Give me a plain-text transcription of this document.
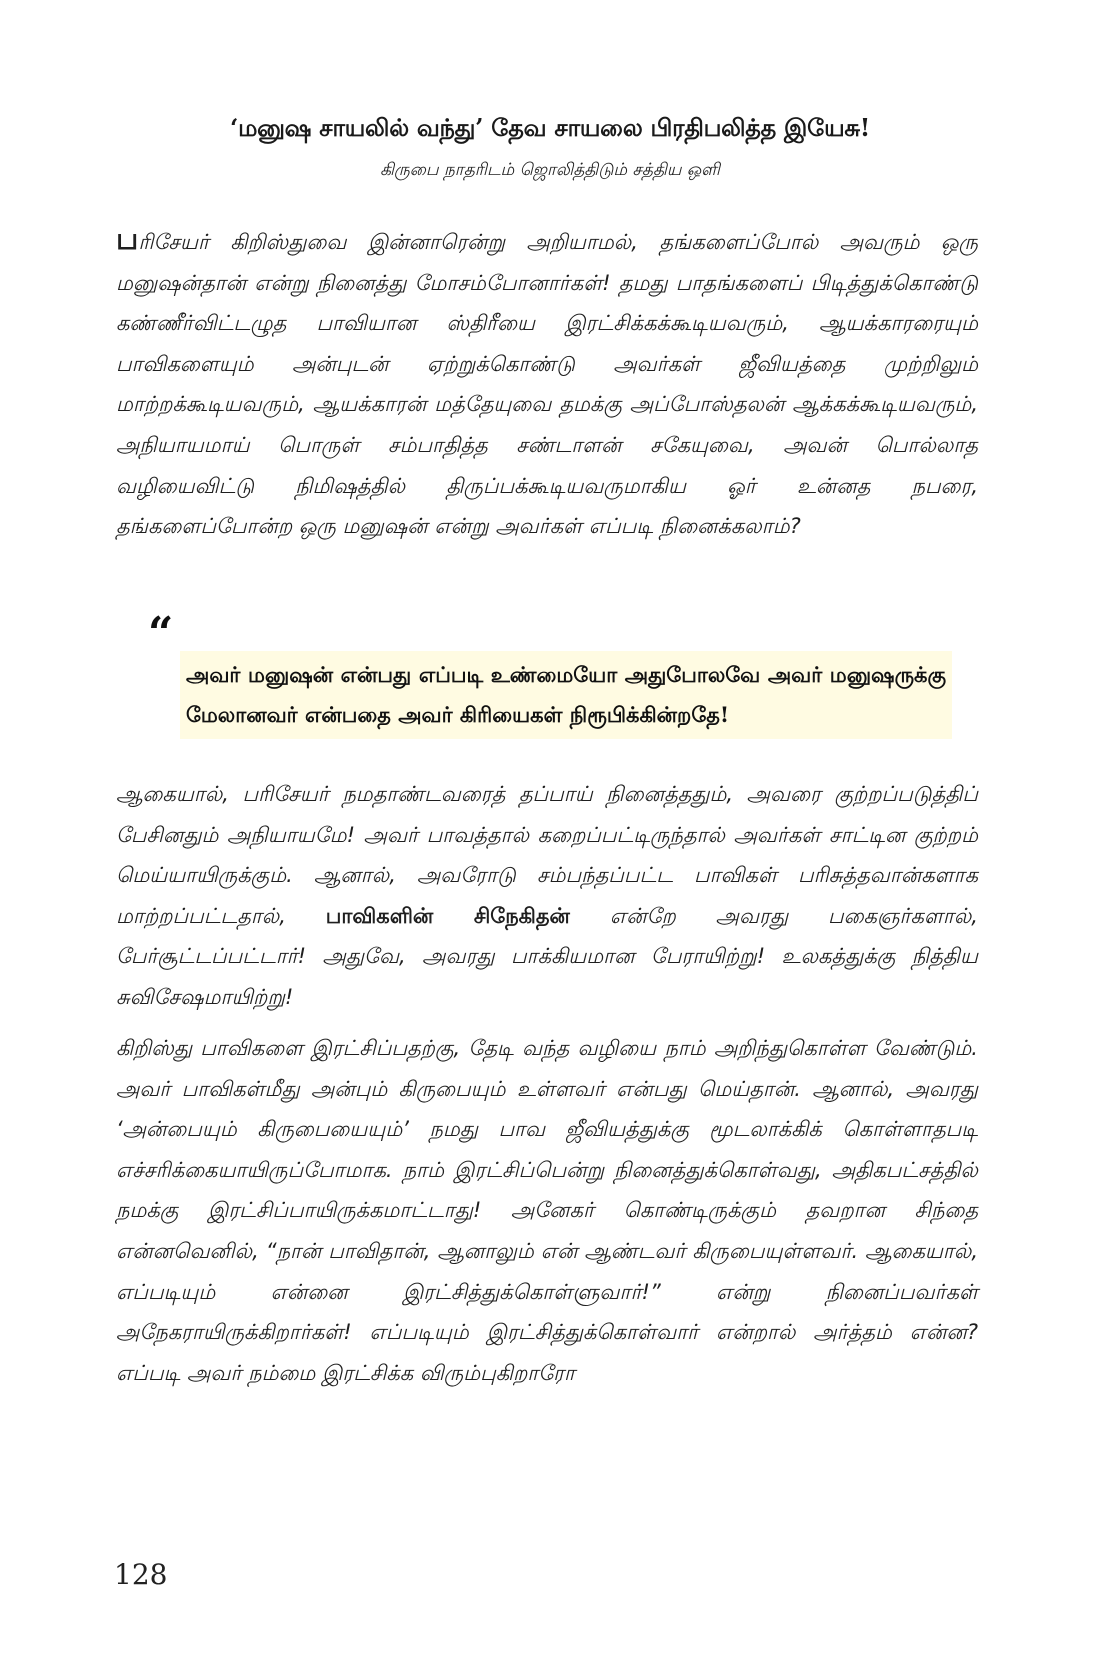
‘மனுஷ சாயலில் வந்து’ தேவ சாயலை பிரதிபலித்த இயேசு!
கிருபை நாதரிடம் ஜொலித்திடும் சத்திய ஒளி

பரிசேயர் கிறிஸ்துவை இன்னாரென்று அறியாமல், தங்களைப்போல் அவரும் ஒரு மனுஷன்தான் என்று நினைத்து மோசம்போனார்கள்! தமது பாதங்களைப் பிடித்துக்கொண்டு கண்ணீர்விட்டழுத பாவியான ஸ்திரீயை இரட்சிக்கக்கூடியவரும், ஆயக்காரரையும் பாவிகளையும் அன்புடன் ஏற்றுக்கொண்டு அவர்கள் ஜீவியத்தை முற்றிலும் மாற்றக்கூடியவரும், ஆயக்காரன் மத்தேயுவை தமக்கு அப்போஸ்தலன் ஆக்கக்கூடியவரும், அநியாயமாய் பொருள் சம்பாதித்த சண்டாளன் சகேயுவை, அவன் பொல்லாத வழியைவிட்டு நிமிஷத்தில் திருப்பக்கூடியவருமாகிய ஓர் உன்னத நபரை, தங்களைப்போன்ற ஒரு மனுஷன் என்று அவர்கள் எப்படி நினைக்கலாம்?

“
அவர் மனுஷன் என்பது எப்படி உண்மையோ அதுபோலவே அவர் மனுஷருக்கு மேலானவர் என்பதை அவர் கிரியைகள் நிரூபிக்கின்றதே!

ஆகையால், பரிசேயர் நமதாண்டவரைத் தப்பாய் நினைத்ததும், அவரை குற்றப்படுத்திப் பேசினதும் அநியாயமே! அவர் பாவத்தால் கறைப்பட்டிருந்தால் அவர்கள் சாட்டின குற்றம் மெய்யாயிருக்கும். ஆனால், அவரோடு சம்பந்தப்பட்ட பாவிகள் பரிசுத்தவான்களாக மாற்றப்பட்டதால், பாவிகளின் சிநேகிதன் என்றே அவரது பகைஞர்களால், பேர்சூட்டப்பட்டார்! அதுவே, அவரது பாக்கியமான பேராயிற்று! உலகத்துக்கு நித்திய சுவிசேஷமாயிற்று!

கிறிஸ்து பாவிகளை இரட்சிப்பதற்கு, தேடி வந்த வழியை நாம் அறிந்துகொள்ள வேண்டும். அவர் பாவிகள்மீது அன்பும் கிருபையும் உள்ளவர் என்பது மெய்தான். ஆனால், அவரது ‘அன்பையும் கிருபையையும்’ நமது பாவ ஜீவியத்துக்கு மூடலாக்கிக் கொள்ளாதபடி எச்சரிக்கையாயிருப்போமாக. நாம் இரட்சிப்பென்று நினைத்துக்கொள்வது, அதிகபட்சத்தில் நமக்கு இரட்சிப்பாயிருக்கமாட்டாது! அனேகர் கொண்டிருக்கும் தவறான சிந்தை என்னவெனில், “நான் பாவிதான், ஆனாலும் என் ஆண்டவர் கிருபையுள்ளவர். ஆகையால், எப்படியும் என்னை இரட்சித்துக்கொள்ளுவார்!” என்று நினைப்பவர்கள் அநேகராயிருக்கிறார்கள்! எப்படியும் இரட்சித்துக்கொள்வார் என்றால் அர்த்தம் என்ன? எப்படி அவர் நம்மை இரட்சிக்க விரும்புகிறாரோ

128
